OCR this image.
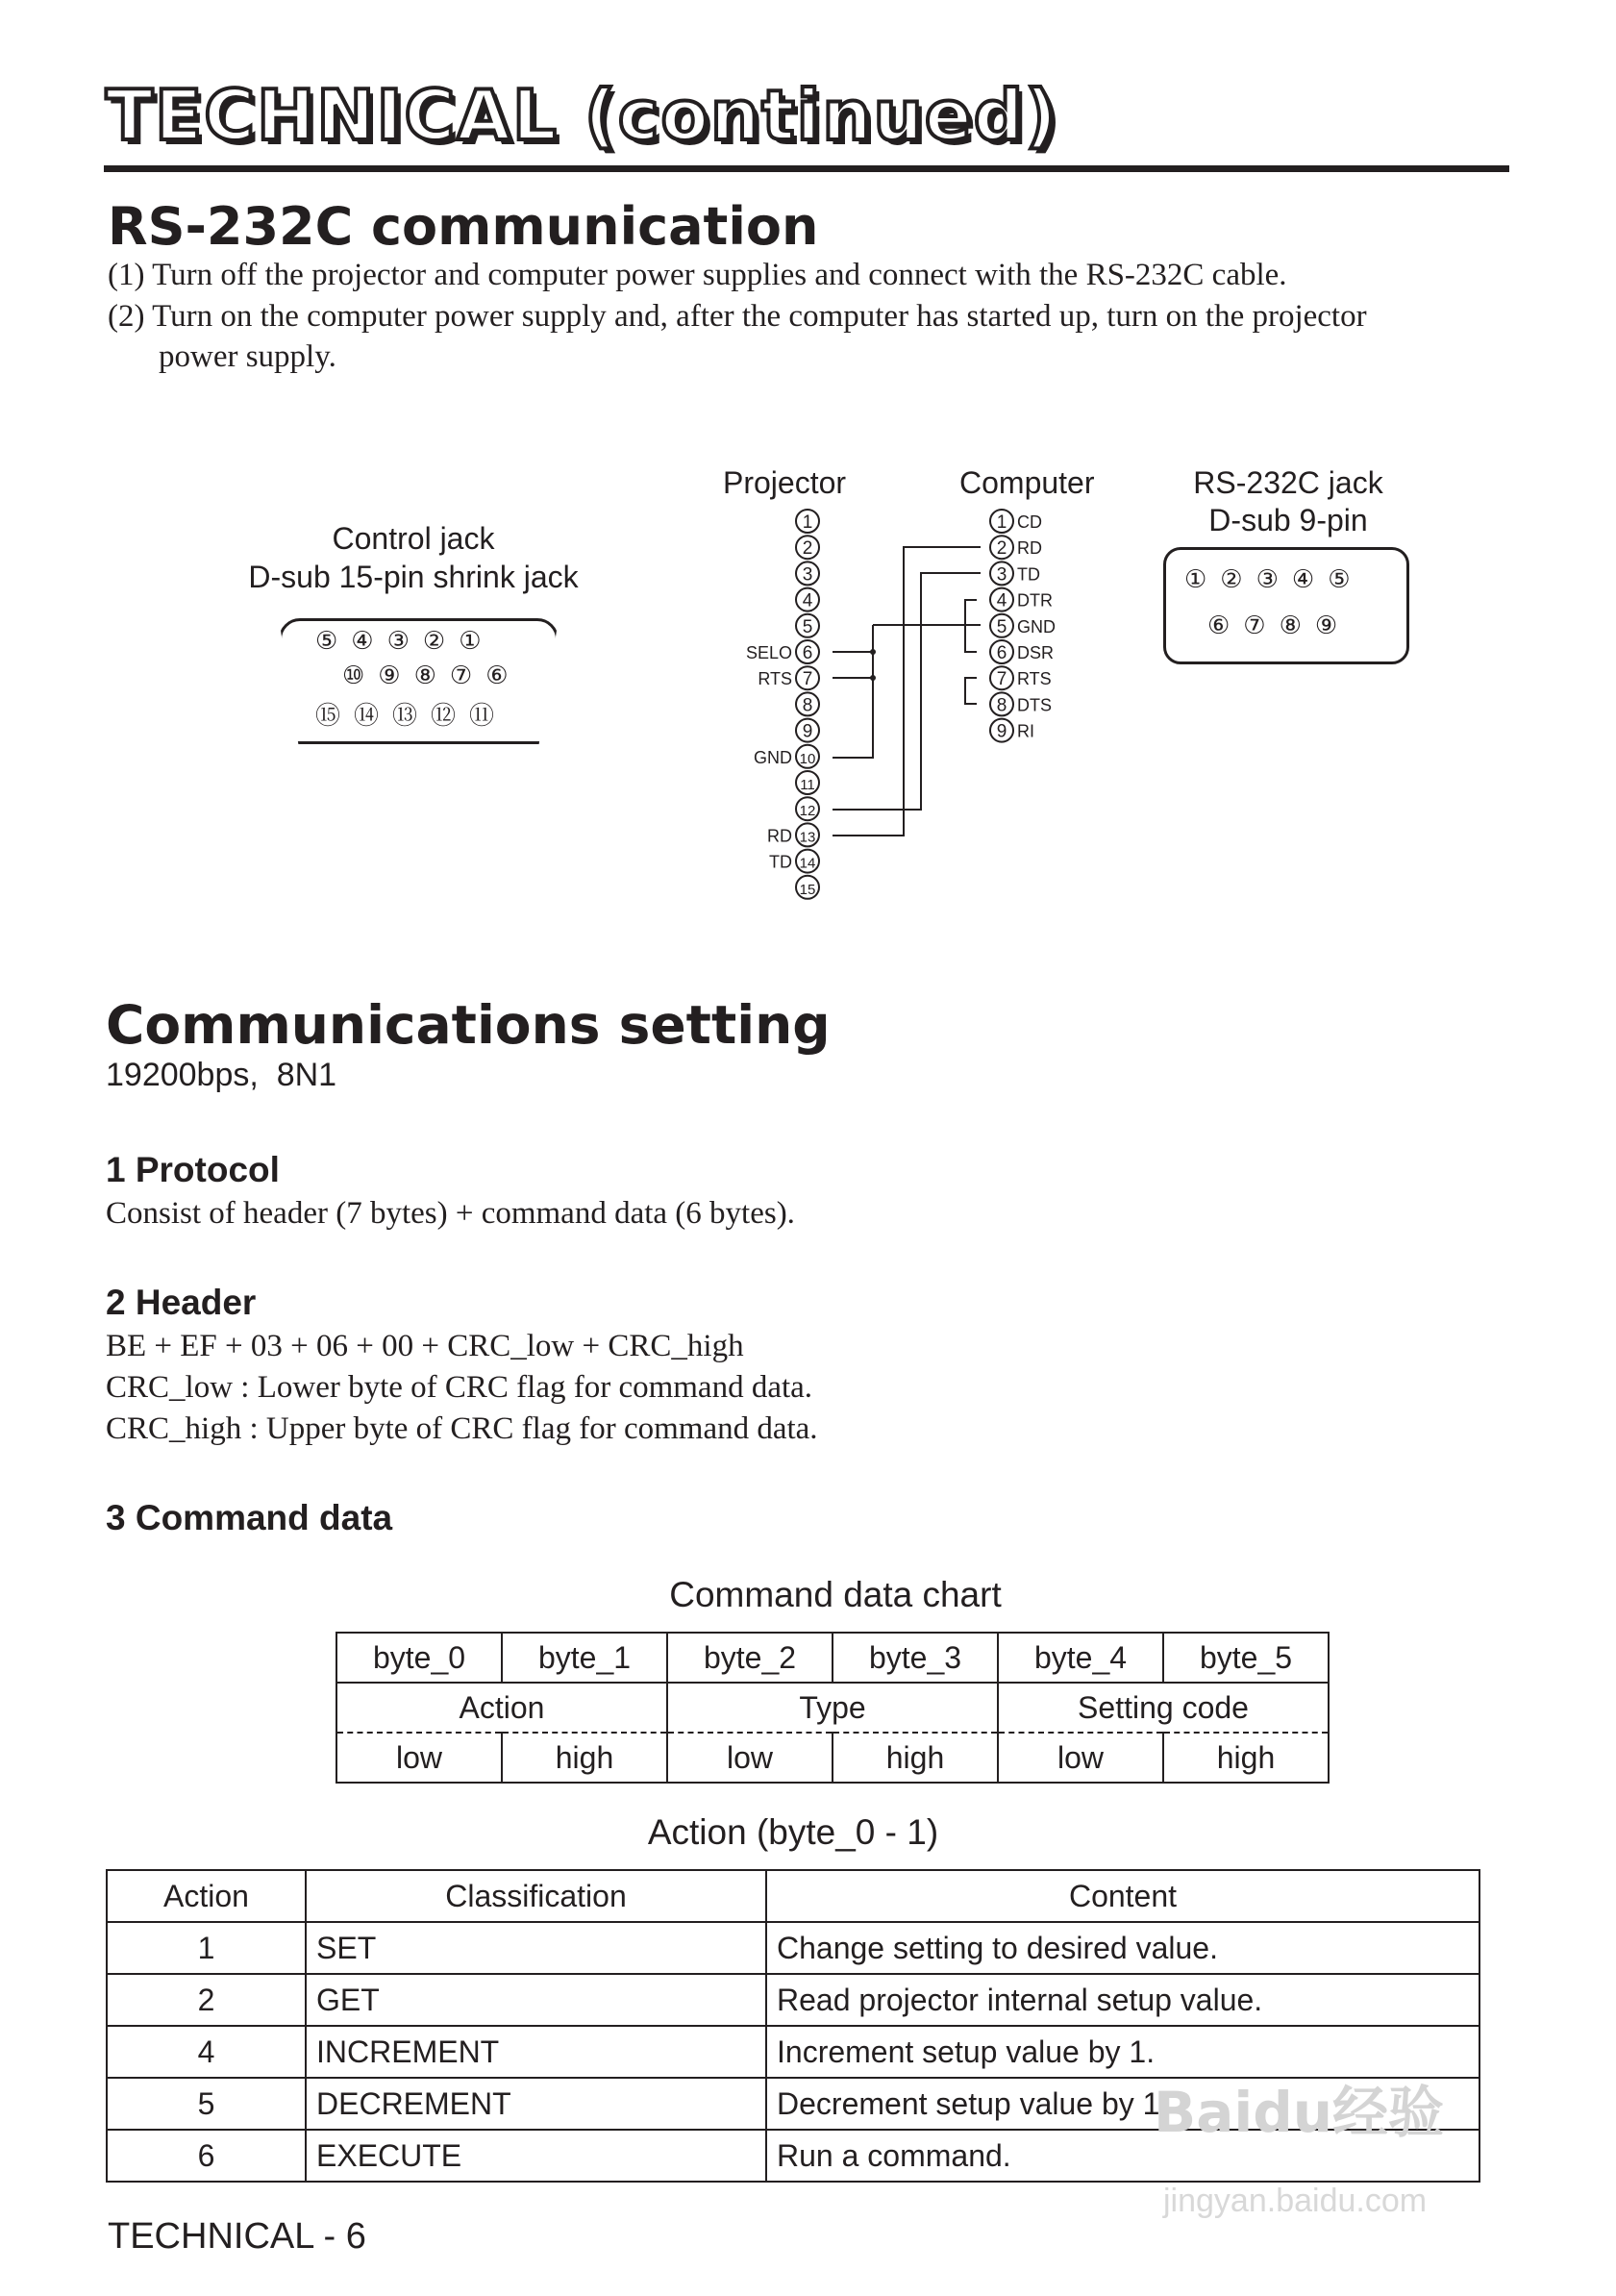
TECHNICAL (continued)
RS-232C communication
(1) Turn off the projector and computer power supplies and connect with the RS-232C cable.
(2) Turn on the computer power supply and, after the computer has started up, turn on the projector
power supply.
Control jack
D-sub 15-pin shrink jack
⑤④③②①
⑩⑨⑧⑦⑥
⑮⑭⑬⑫⑪
Projector	Computer	RS-232C jack
D-sub 9-pin
1
2
3
4
5
6
SELO
7
RTS
8
9
10
GND
11
12
13
RD
14
TD
15
1 CD
2 RD
3 TD
4 DTR
5 GND
6 DSR
7 RTS
8 DTS
9 RI
①②③④⑤
⑥⑦⑧⑨
Communications setting
19200bps,  8N1
1 Protocol
Consist of header (7 bytes) + command data (6 bytes).
2 Header
BE + EF + 03 + 06 + 00 + CRC_low + CRC_high
CRC_low : Lower byte of CRC flag for command data.
CRC_high : Upper byte of CRC flag for command data.
3 Command data
Command data chart
byte_0	byte_1	byte_2	byte_3	byte_4	byte_5
Action		Type		Setting code	
low	high	low	high	low	high
Action (byte_0 - 1)
Action	Classification	Content
1	SET	Change setting to desired value.
2	GET	Read projector internal setup value.
4	INCREMENT	Increment setup value by 1.
5	DECREMENT	Decrement setup value by 1.
6	EXECUTE	Run a command.
Baidu经验
jingyan.baidu.com
TECHNICAL - 6
